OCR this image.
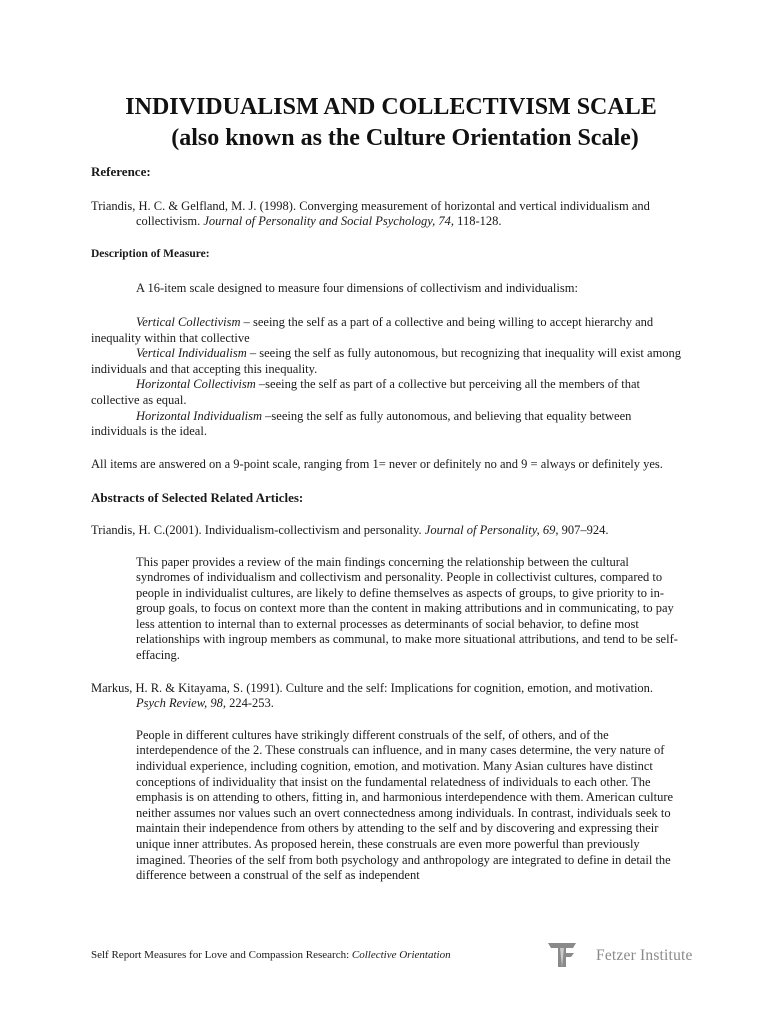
INDIVIDUALISM AND COLLECTIVISM SCALE
(also known as the Culture Orientation Scale)
Reference:
Triandis, H. C. & Gelfland, M. J. (1998). Converging measurement of horizontal and vertical individualism and collectivism. Journal of Personality and Social Psychology, 74, 118-128.
Description of Measure:
A 16-item scale designed to measure four dimensions of collectivism and individualism:
Vertical Collectivism – seeing the self as a part of a collective and being willing to accept hierarchy and inequality within that collective
Vertical Individualism – seeing the self as fully autonomous, but recognizing that inequality will exist among individuals and that accepting this inequality.
Horizontal Collectivism –seeing the self as part of a collective but perceiving all the members of that collective as equal.
Horizontal Individualism –seeing the self as fully autonomous, and believing that equality between individuals is the ideal.
All items are answered on a 9-point scale, ranging from 1= never or definitely no and 9 = always or definitely yes.
Abstracts of Selected Related Articles:
Triandis, H. C.(2001). Individualism-collectivism and personality. Journal of Personality, 69, 907–924.
This paper provides a review of the main findings concerning the relationship between the cultural syndromes of individualism and collectivism and personality. People in collectivist cultures, compared to people in individualist cultures, are likely to define themselves as aspects of groups, to give priority to in-group goals, to focus on context more than the content in making attributions and in communicating, to pay less attention to internal than to external processes as determinants of social behavior, to define most relationships with ingroup members as communal, to make more situational attributions, and tend to be self-effacing.
Markus, H. R. & Kitayama, S. (1991). Culture and the self: Implications for cognition, emotion, and motivation. Psych Review, 98, 224-253.
People in different cultures have strikingly different construals of the self, of others, and of the interdependence of the 2. These construals can influence, and in many cases determine, the very nature of individual experience, including cognition, emotion, and motivation. Many Asian cultures have distinct conceptions of individuality that insist on the fundamental relatedness of individuals to each other. The emphasis is on attending to others, fitting in, and harmonious interdependence with them. American culture neither assumes nor values such an overt connectedness among individuals. In contrast, individuals seek to maintain their independence from others by attending to the self and by discovering and expressing their unique inner attributes. As proposed herein, these construals are even more powerful than previously imagined. Theories of the self from both psychology and anthropology are integrated to define in detail the difference between a construal of the self as independent
Self Report Measures for Love and Compassion Research: Collective Orientation	Fetzer Institute
